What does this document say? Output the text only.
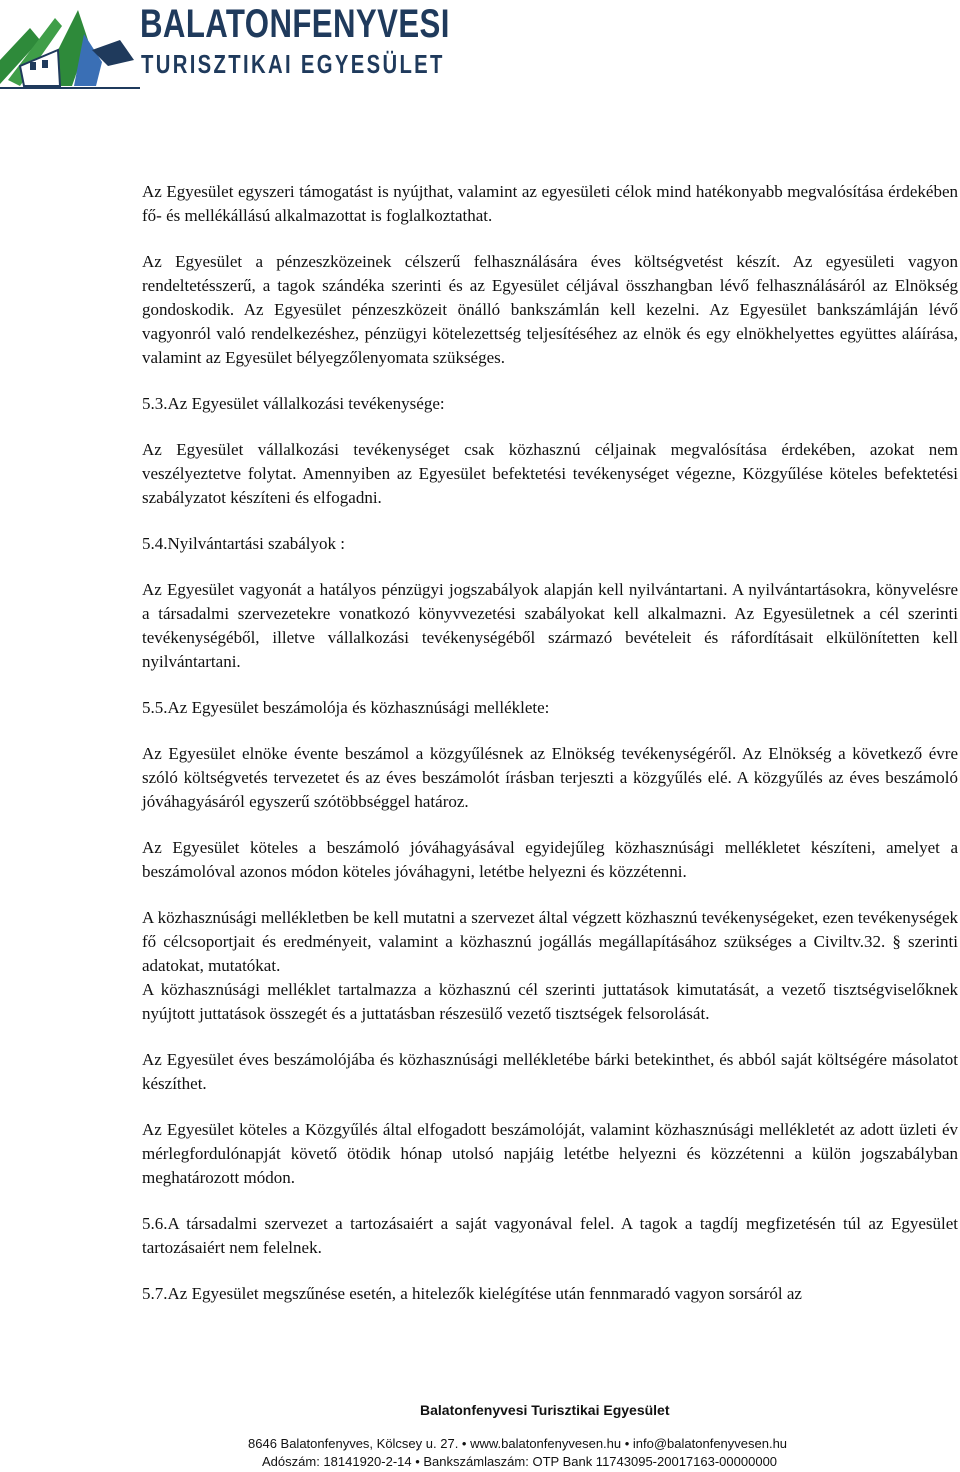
BALATONFENYVESI
TURISZTIKAI EGYESÜLET

Az Egyesület egyszeri támogatást is nyújthat, valamint az egyesületi célok mind hatékonyabb megvalósítása érdekében fő- és mellékállású alkalmazottat is foglalkoztathat.

Az Egyesület a pénzeszközeinek célszerű felhasználására éves költségvetést készít. Az egyesületi vagyon rendeltetésszerű, a tagok szándéka szerinti és az Egyesület céljával összhangban lévő felhasználásáról az Elnökség gondoskodik. Az Egyesület pénzeszközeit önálló bankszámlán kell kezelni. Az Egyesület bankszámláján lévő vagyonról való rendelkezéshez, pénzügyi kötelezettség teljesítéséhez az elnök és egy elnökhelyettes együttes aláírása, valamint az Egyesület bélyegzőlenyomata szükséges.

5.3.Az Egyesület vállalkozási tevékenysége:

Az Egyesület vállalkozási tevékenységet csak közhasznú céljainak megvalósítása érdekében, azokat nem veszélyeztetve folytat. Amennyiben az Egyesület befektetési tevékenységet végezne, Közgyűlése köteles befektetési szabályzatot készíteni és elfogadni.

5.4.Nyilvántartási szabályok :

Az Egyesület vagyonát a hatályos pénzügyi jogszabályok alapján kell nyilvántartani. A nyilvántartásokra, könyvelésre a társadalmi szervezetekre vonatkozó könyvvezetési szabályokat kell alkalmazni. Az Egyesületnek a cél szerinti tevékenységéből, illetve vállalkozási tevékenységéből származó bevételeit és ráfordításait elkülönítetten kell nyilvántartani.

5.5.Az Egyesület beszámolója és közhasznúsági melléklete:

Az Egyesület elnöke évente beszámol a közgyűlésnek az Elnökség tevékenységéről. Az Elnökség a következő évre szóló költségvetés tervezetet és az éves beszámolót írásban terjeszti a közgyűlés elé. A közgyűlés az éves beszámoló jóváhagyásáról egyszerű szótöbbséggel határoz.

Az Egyesület köteles a beszámoló jóváhagyásával egyidejűleg közhasznúsági mellékletet készíteni, amelyet a beszámolóval azonos módon köteles jóváhagyni, letétbe helyezni és közzétenni.

A közhasznúsági mellékletben be kell mutatni a szervezet által végzett közhasznú tevékenységeket, ezen tevékenységek fő célcsoportjait és eredményeit, valamint a közhasznú jogállás megállapításához szükséges a Civiltv.32. § szerinti adatokat, mutatókat.

A közhasznúsági melléklet tartalmazza a közhasznú cél szerinti juttatások kimutatását, a vezető tisztségviselőknek nyújtott juttatások összegét és a juttatásban részesülő vezető tisztségek felsorolását.

Az Egyesület éves beszámolójába és közhasznúsági mellékletébe bárki betekinthet, és abból saját költségére másolatot készíthet.

Az Egyesület köteles a Közgyűlés által elfogadott beszámolóját, valamint közhasznúsági mellékletét az adott üzleti év mérlegfordulónapját követő ötödik hónap utolsó napjáig letétbe helyezni és közzétenni a külön jogszabályban meghatározott módon.

5.6.A társadalmi szervezet a tartozásaiért a saját vagyonával felel. A tagok a tagdíj megfizetésén túl az Egyesület tartozásaiért nem felelnek.

5.7.Az Egyesület megszűnése esetén, a hitelezők kielégítése után fennmaradó vagyon sorsáról az

Balatonfenyvesi Turisztikai Egyesület
8646 Balatonfenyves, Kölcsey u. 27. • www.balatonfenyvesen.hu • info@balatonfenyvesen.hu
Adószám: 18141920-2-14 • Bankszámlaszám: OTP Bank 11743095-20017163-00000000
